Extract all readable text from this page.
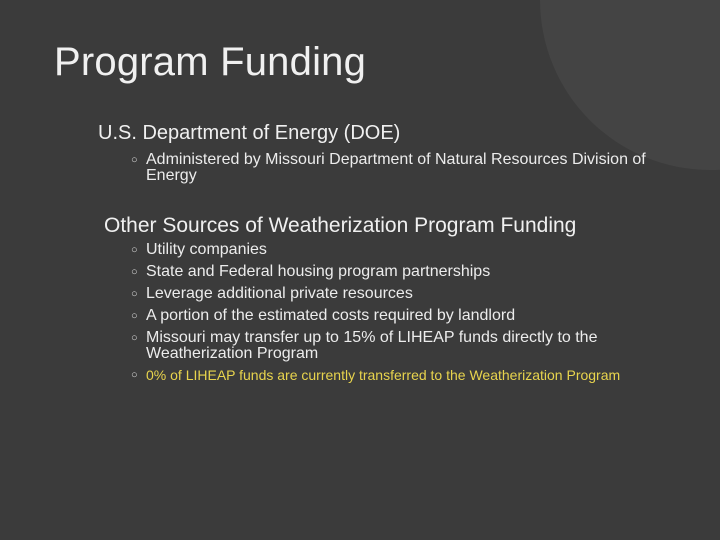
Program Funding

U.S. Department of Energy (DOE)

○ Administered by Missouri Department of Natural Resources Division of Energy

Other Sources of Weatherization Program Funding

○ Utility companies
○ State and Federal housing program partnerships
○ Leverage additional private resources
○ A portion of the estimated costs required by landlord
○ Missouri may transfer up to 15% of LIHEAP funds directly to the Weatherization Program

○ 0% of LIHEAP funds are currently transferred to the Weatherization Program
